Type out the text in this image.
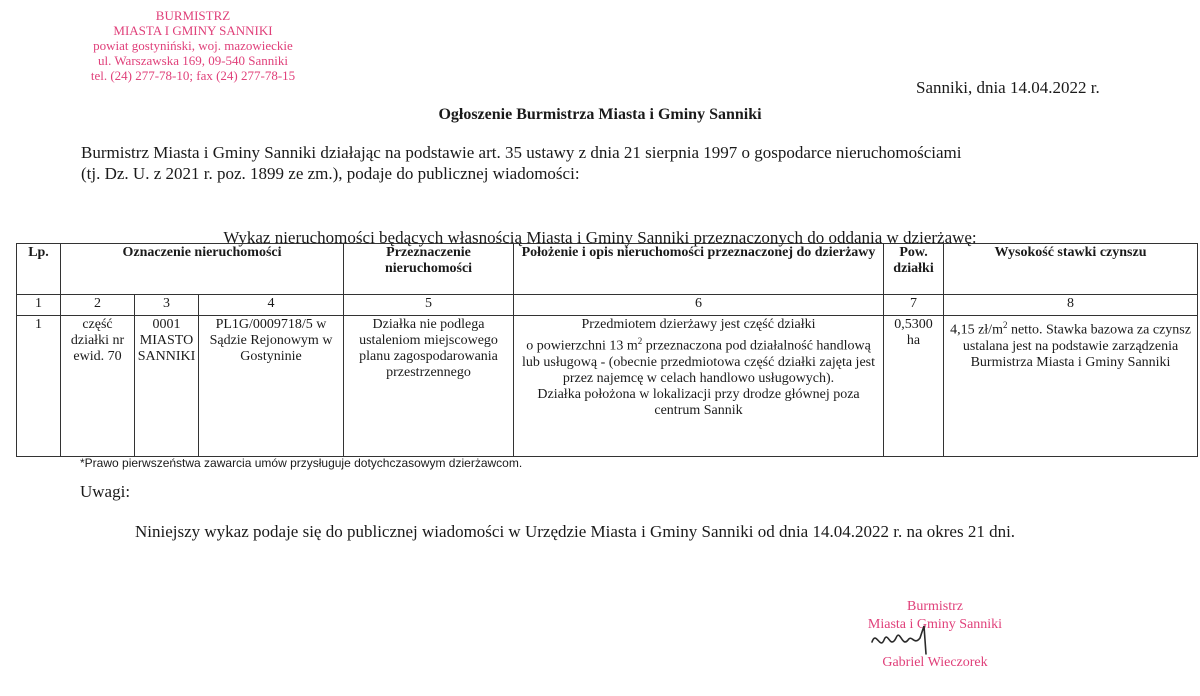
BURMISTRZ
MIASTA I GMINY SANNIKI
powiat gostyniński, woj. mazowieckie
ul. Warszawska 169, 09-540 Sanniki
tel. (24) 277-78-10; fax (24) 277-78-15
Sanniki, dnia 14.04.2022 r.
Ogłoszenie Burmistrza Miasta i Gminy Sanniki
Burmistrz Miasta i Gminy Sanniki działając na podstawie art. 35 ustawy z dnia 21 sierpnia 1997 o gospodarce nieruchomościami
(tj. Dz. U. z 2021 r. poz. 1899 ze zm.), podaje do publicznej wiadomości:
Wykaz nieruchomości będących własnością Miasta i Gminy Sanniki przeznaczonych do oddania w dzierżawę:
Lp.	Oznaczenie nieruchomości			Przeznaczenie nieruchomości	Położenie i opis nieruchomości przeznaczonej do dzierżawy	Pow. działki	Wysokość stawki czynszu
1	2	3	4	5	6	7	8
1	część działki nr ewid. 70	0001 MIASTO SANNIKI	PL1G/0009718/5 w Sądzie Rejonowym w Gostyninie	Działka nie podlega ustaleniom miejscowego planu zagospodarowania przestrzennego	Przedmiotem dzierżawy jest część działki
o powierzchni 13 $m^2$ przeznaczona pod działalność handlową lub usługową - (obecnie przedmiotowa część działki zajęta jest przez najemcę w celach handlowo usługowych).
Działka położona w lokalizacji przy drodze głównej poza centrum Sannik	0,5300 ha	4,15 $zł/m^2$ netto. Stawka bazowa za czynsz ustalana jest na podstawie zarządzenia Burmistrza Miasta i Gminy Sanniki
*Prawo pierwszeństwa zawarcia umów przysługuje dotychczasowym dzierżawcom.
Uwagi:
Niniejszy wykaz podaje się do publicznej wiadomości w Urzędzie Miasta i Gminy Sanniki od dnia 14.04.2022 r. na okres 21 dni.
Burmistrz
Miasta i Gminy Sanniki
Gabriel Wieczorek
